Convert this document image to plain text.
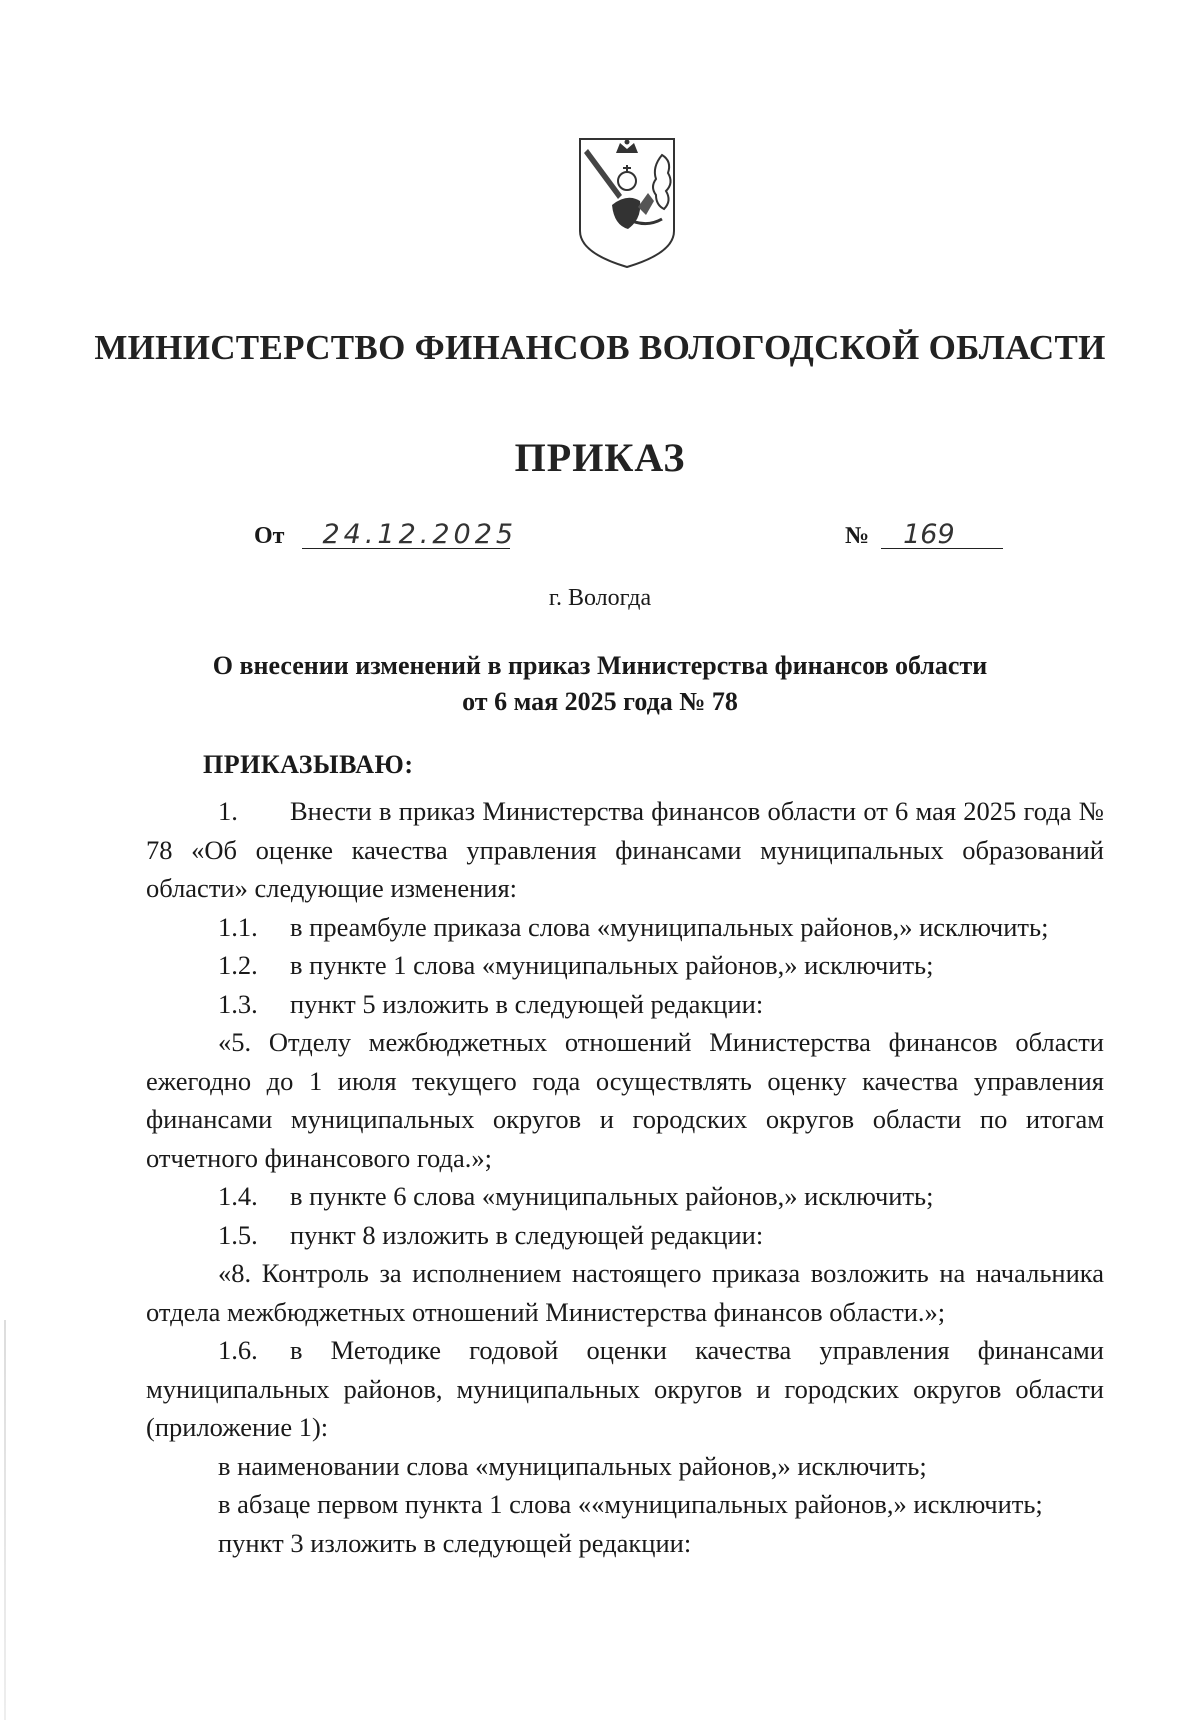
МИНИСТЕРСТВО ФИНАНСОВ ВОЛОГОДСКОЙ ОБЛАСТИ
ПРИКАЗ
От 24.12.2025	№ 169
г. Вологда
О внесении изменений в приказ Министерства финансов области
от 6 мая 2025 года № 78
ПРИКАЗЫВАЮ:

1. Внести в приказ Министерства финансов области от 6 мая 2025 года № 78 «Об оценке качества управления финансами муниципальных образований области» следующие изменения:

1.1. в преамбуле приказа слова «муниципальных районов,» исключить;

1.2. в пункте 1 слова «муниципальных районов,» исключить;

1.3. пункт 5 изложить в следующей редакции:

«5. Отделу межбюджетных отношений Министерства финансов области ежегодно до 1 июля текущего года осуществлять оценку качества управления финансами муниципальных округов и городских округов области по итогам отчетного финансового года.»;

1.4. в пункте 6 слова «муниципальных районов,» исключить;

1.5. пункт 8 изложить в следующей редакции:

«8. Контроль за исполнением настоящего приказа возложить на начальника отдела межбюджетных отношений Министерства финансов области.»;

1.6. в Методике годовой оценки качества управления финансами муниципальных районов, муниципальных округов и городских округов области (приложение 1):

в наименовании слова «муниципальных районов,» исключить;

в абзаце первом пункта 1 слова ««муниципальных районов,» исключить;

пункт 3 изложить в следующей редакции:
